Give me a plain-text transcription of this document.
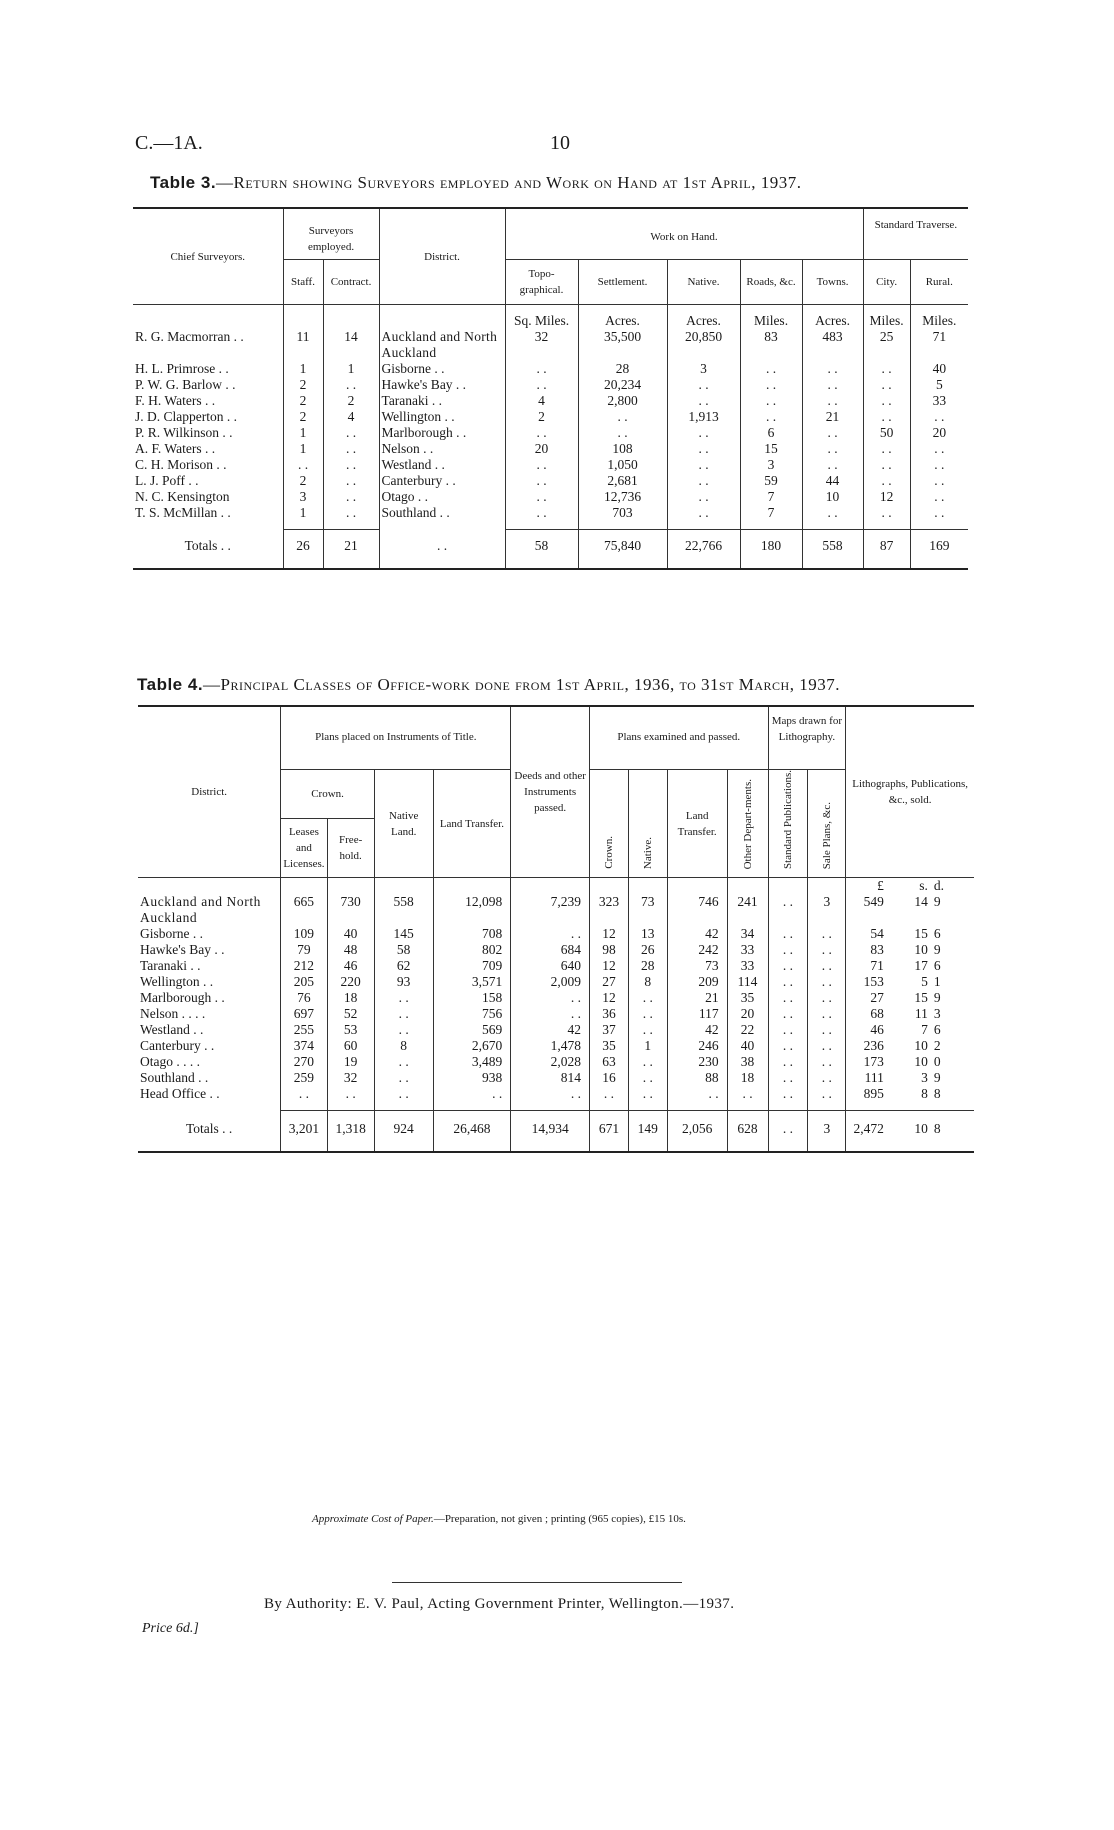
C.—1A.	10
Table 3.—Return showing Surveyors employed and Work on Hand at 1st April, 1937.
Chief Surveyors.	Surveyors employed.		District.	Work on Hand.					Standard Traverse.	
	Staff.	Contract.		Topo-graphical.	Settlement.	Native.	Roads, &c.	Towns.	City.	Rural.

				Sq. Miles.	Acres.	Acres.	Miles.	Acres.	Miles.	Miles.
R. G. Macmorran . .	11	14	Auckland and North Auckland	32	35,500	20,850	83	483	25	71
H. L. Primrose . .	1	1	Gisborne . .	. .	28	3	. .	. .	. .	40
P. W. G. Barlow . .	2	. .	Hawke's Bay . .	. .	20,234	. .	. .	. .	. .	5
F. H. Waters . .	2	2	Taranaki . .	4	2,800	. .	. .	. .	. .	33
J. D. Clapperton . .	2	4	Wellington . .	2	. .	1,913	. .	21	. .	. .
P. R. Wilkinson . .	1	. .	Marlborough . .	. .	. .	. .	6	. .	50	20
A. F. Waters . .	1	. .	Nelson . .	20	108	. .	15	. .	. .	. .
C. H. Morison . .	. .	. .	Westland . .	. .	1,050	. .	3	. .	. .	. .
L. J. Poff . .	2	. .	Canterbury . .	. .	2,681	. .	59	44	. .	. .
N. C. Kensington	3	. .	Otago . .	. .	12,736	. .	7	10	12	. .
T. S. McMillan . .	1	. .	Southland . .	. .	703	. .	7	. .	. .	. .

Totals . .	26	21	. .	58	75,840	22,766	180	558	87	169
Table 4.—Principal Classes of Office-work done from 1st April, 1936, to 31st March, 1937.
District.	Plans placed on Instruments of Title.				Deeds and other Instruments passed.	Plans examined and passed.				Maps drawn for Lithography.		Lithographs, Publications, &c., sold.		
	Crown.		Native Land.	Land Transfer.		Crown.	Native.	Land Transfer.	Other Depart-ments.	Standard Publications.	Sale Plans, &c.			
	Leases and Licenses.	Free-hold.												
												£	s.	d.
Auckland and North Auckland	665	730	558	12,098	7,239	323	73	746	241	. .	3	549	14	9
Gisborne . .	109	40	145	708	. .	12	13	42	34	. .	. .	54	15	6
Hawke's Bay . .	79	48	58	802	684	98	26	242	33	. .	. .	83	10	9
Taranaki . .	212	46	62	709	640	12	28	73	33	. .	. .	71	17	6
Wellington . .	205	220	93	3,571	2,009	27	8	209	114	. .	. .	153	5	1
Marlborough . .	76	18	. .	158	. .	12	. .	21	35	. .	. .	27	15	9
Nelson . . . .	697	52	. .	756	. .	36	. .	117	20	. .	. .	68	11	3
Westland . .	255	53	. .	569	42	37	. .	42	22	. .	. .	46	7	6
Canterbury . .	374	60	8	2,670	1,478	35	1	246	40	. .	. .	236	10	2
Otago . . . .	270	19	. .	3,489	2,028	63	. .	230	38	. .	. .	173	10	0
Southland . .	259	32	. .	938	814	16	. .	88	18	. .	. .	111	3	9
Head Office . .	. .	. .	. .	. .	. .	. .	. .	. .	. .	. .	. .	895	8	8

Totals . .	3,201	1,318	924	26,468	14,934	671	149	2,056	628	. .	3	2,472	10	8
Approximate Cost of Paper.—Preparation, not given ; printing (965 copies), £15 10s.
By Authority: E. V. Paul, Acting Government Printer, Wellington.—1937.
Price 6d.]
